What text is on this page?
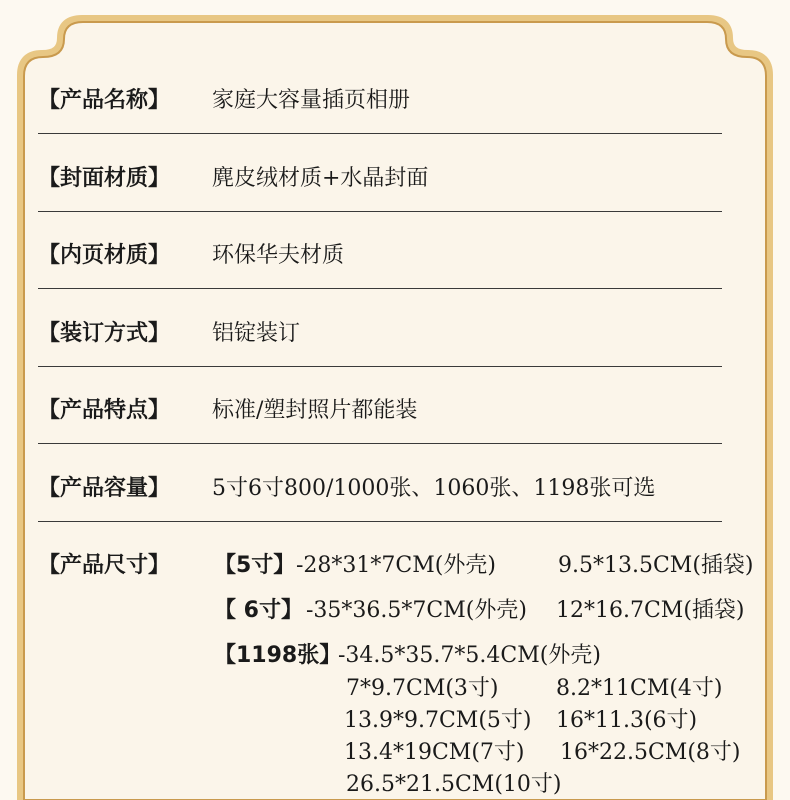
【产品名称】 家庭大容量插页相册
【封面材质】 麂皮绒材质+水晶封面
【内页材质】 环保华夫材质
【装订方式】 铝锭装订
【产品特点】 标准/塑封照片都能装
【产品容量】 5寸6寸800/1000张、1060张、1198张可选
【产品尺寸】 【5寸】 -28*31*7CM(外壳)	9.5*13.5CM(插袋)
【 6寸】 -35*36.5*7CM(外壳) 12*16.7CM(插袋)
【1198张】
-34.5*35.7*5.4CM(外壳)
7*9.7CM(3寸)	8.2*11CM(4寸)
13.9*9.7CM(5寸) 16*11.3(6寸)
13.4*19CM(7寸) 16*22.5CM(8寸)
26.5*21.5CM(10寸)
